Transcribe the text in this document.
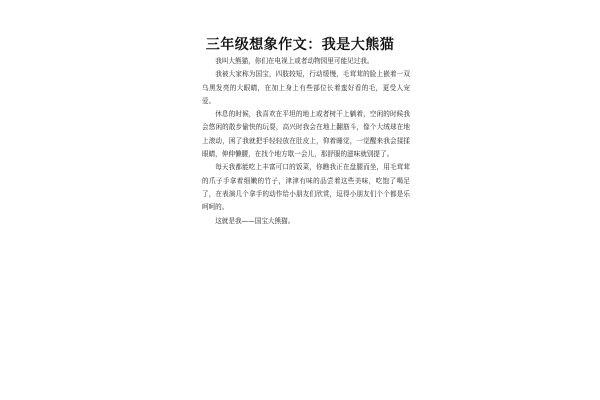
三年级想象作文：我是大熊猫

我叫大熊猫，你们在电视上或者动物园里可能见过我。

我被大家称为国宝，四肢较短，行动缓慢，毛茸茸的脸上嵌着一双乌黑发亮的大眼睛，在加上身上有些部位长着蛮好看的毛，更受人宠爱。

休息的时候，我喜欢在平坦的地上或者树干上躺着，空闲的时候我会悠闲的散步偷快的玩耍，高兴时我会在地上翻筋斗，像个大绒球在地上滚动，困了我就把手轻轻放在肚皮上，仰着睡觉，一觉醒来我会揉揉眼睛，伸伸懒腰，在找个地方歇一会儿，那舒服的滋味就别提了。

每天我都能吃上丰富可口的饭菜，你瞧我正在盘腿而坐，用毛茸茸的爪子手拿着细嫩的竹子，津津有味的品尝着这些美味，吃饱了喝足了，在表演几个拿手的动作给小朋友们欣赏，逗得小朋友们个个都是乐呵呵的。

这就是我——国宝大熊猫。
